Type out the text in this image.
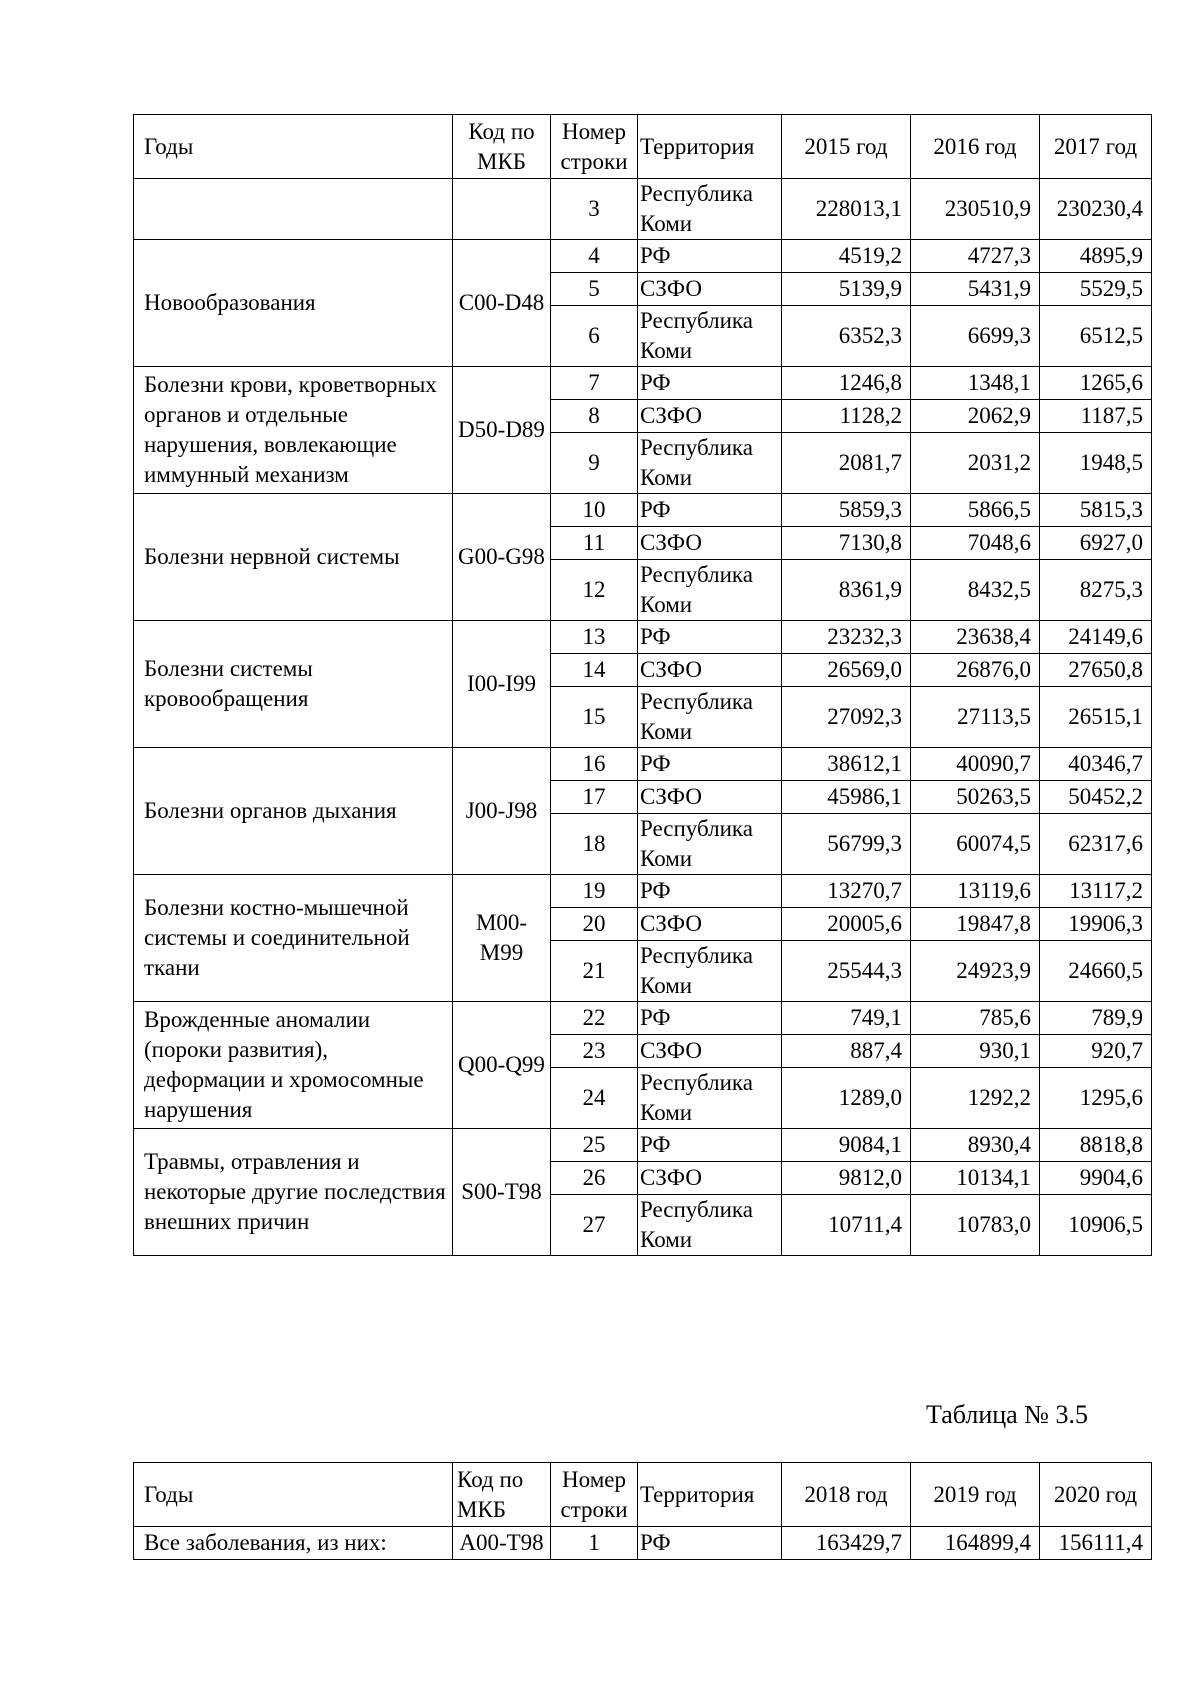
Годы	Код по МКБ	Номер строки	Территория	2015 год	2016 год	2017 год
		3	Республика Коми	228013,1	230510,9	230230,4
Новообразования	C00-D48	4	РФ	4519,2	4727,3	4895,9
		5	СЗФО	5139,9	5431,9	5529,5
		6	Республика Коми	6352,3	6699,3	6512,5
Болезни крови, кроветворных органов и отдельные нарушения, вовлекающие иммунный механизм	D50-D89	7	РФ	1246,8	1348,1	1265,6
		8	СЗФО	1128,2	2062,9	1187,5
		9	Республика Коми	2081,7	2031,2	1948,5
Болезни нервной системы	G00-G98	10	РФ	5859,3	5866,5	5815,3
		11	СЗФО	7130,8	7048,6	6927,0
		12	Республика Коми	8361,9	8432,5	8275,3
Болезни системы кровообращения	I00-I99	13	РФ	23232,3	23638,4	24149,6
		14	СЗФО	26569,0	26876,0	27650,8
		15	Республика Коми	27092,3	27113,5	26515,1
Болезни органов дыхания	J00-J98	16	РФ	38612,1	40090,7	40346,7
		17	СЗФО	45986,1	50263,5	50452,2
		18	Республика Коми	56799,3	60074,5	62317,6
Болезни костно-мышечной системы и соединительной ткани	M00-M99	19	РФ	13270,7	13119,6	13117,2
		20	СЗФО	20005,6	19847,8	19906,3
		21	Республика Коми	25544,3	24923,9	24660,5
Врожденные аномалии (пороки развития), деформации и хромосомные нарушения	Q00-Q99	22	РФ	749,1	785,6	789,9
		23	СЗФО	887,4	930,1	920,7
		24	Республика Коми	1289,0	1292,2	1295,6
Травмы, отравления и некоторые другие последствия внешних причин	S00-T98	25	РФ	9084,1	8930,4	8818,8
		26	СЗФО	9812,0	10134,1	9904,6
		27	Республика Коми	10711,4	10783,0	10906,5
Таблица № 3.5
Годы	Код по МКБ	Номер строки	Территория	2018 год	2019 год	2020 год
Все заболевания, из них:	A00-T98	1	РФ	163429,7	164899,4	156111,4
